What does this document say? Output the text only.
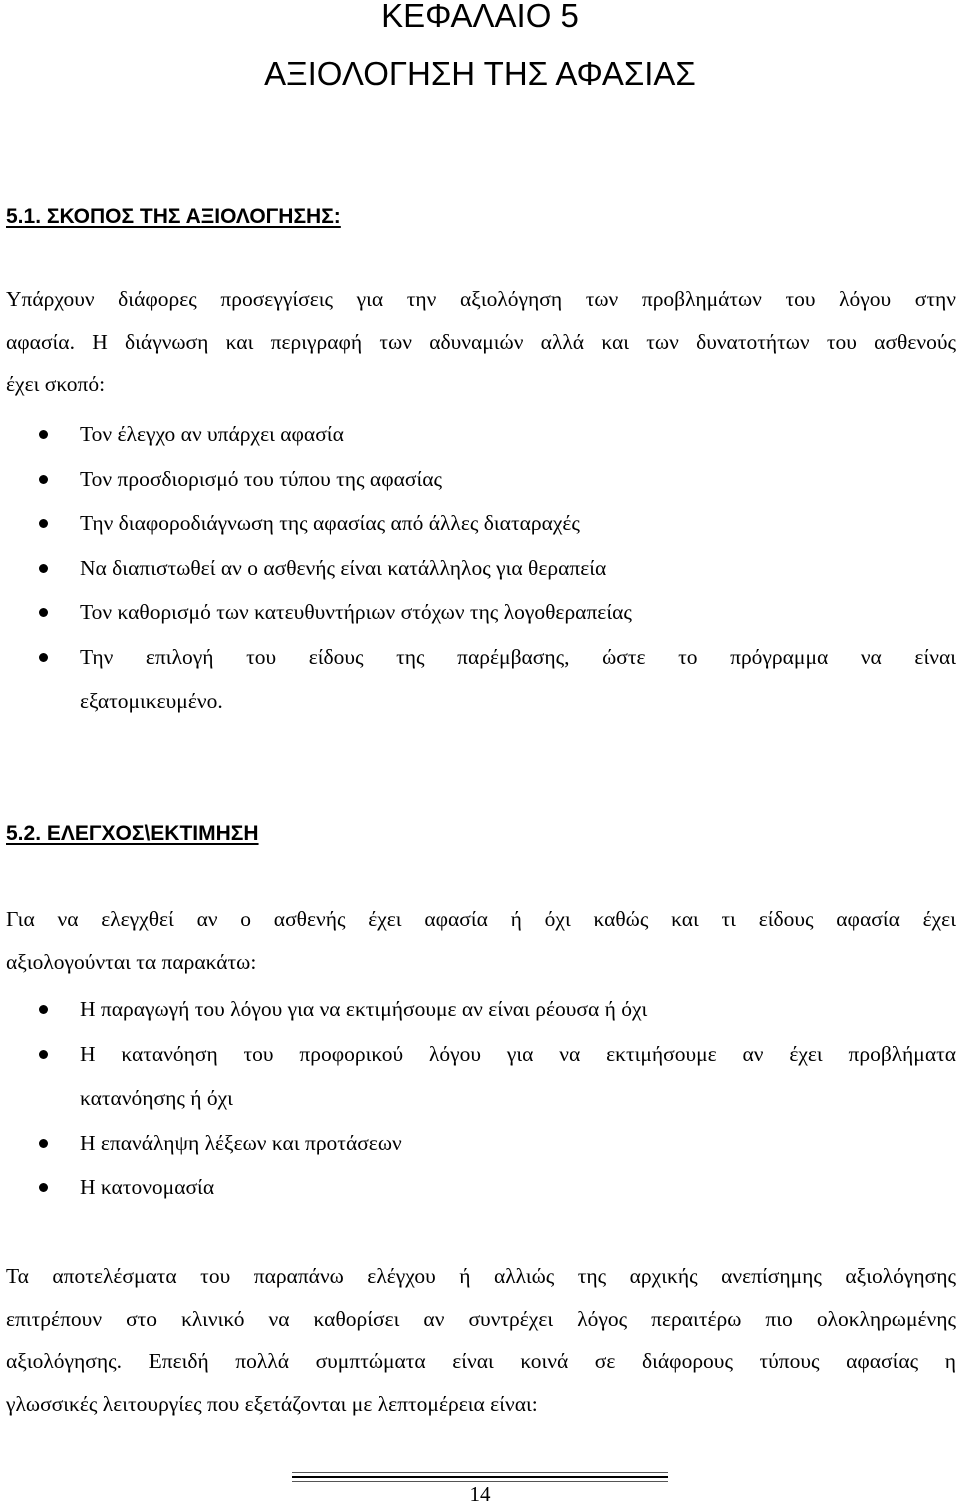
ΚΕΦΑΛΑΙΟ 5
ΑΞΙΟΛΟΓΗΣΗ ΤΗΣ ΑΦΑΣΙΑΣ
5.1. ΣΚΟΠΟΣ ΤΗΣ ΑΞΙΟΛΟΓΗΣΗΣ:
Υπάρχουν διάφορες προσεγγίσεις για την αξιολόγηση των προβλημάτων του λόγου στην
αφασία. Η διάγνωση και περιγραφή των αδυναμιών αλλά και των δυνατοτήτων του ασθενούς
έχει σκοπό:
Τον έλεγχο αν υπάρχει αφασία
Τον προσδιορισμό του τύπου της αφασίας
Την διαφοροδιάγνωση της αφασίας από άλλες διαταραχές
Να διαπιστωθεί αν ο ασθενής είναι κατάλληλος για θεραπεία
Τον καθορισμό των κατευθυντήριων στόχων της λογοθεραπείας
Την επιλογή του είδους της παρέμβασης, ώστε το πρόγραμμα να είναι
εξατομικευμένο.
5.2. ΕΛΕΓΧΟΣ\ΕΚΤΙΜΗΣΗ
Για να ελεγχθεί αν ο ασθενής έχει αφασία ή όχι καθώς και τι είδους αφασία έχει
αξιολογούνται τα παρακάτω:
Η παραγωγή του λόγου για να εκτιμήσουμε αν είναι ρέουσα ή όχι
Η κατανόηση του προφορικού λόγου για να εκτιμήσουμε αν έχει προβλήματα
κατανόησης ή όχι
Η επανάληψη λέξεων και προτάσεων
Η κατονομασία
Τα αποτελέσματα του παραπάνω ελέγχου ή αλλιώς της αρχικής ανεπίσημης αξιολόγησης
επιτρέπουν στο κλινικό να καθορίσει αν συντρέχει λόγος περαιτέρω πιο ολοκληρωμένης
αξιολόγησης. Επειδή πολλά συμπτώματα είναι κοινά σε διάφορους τύπους αφασίας η
γλωσσικές λειτουργίες που εξετάζονται με λεπτομέρεια είναι:
14
